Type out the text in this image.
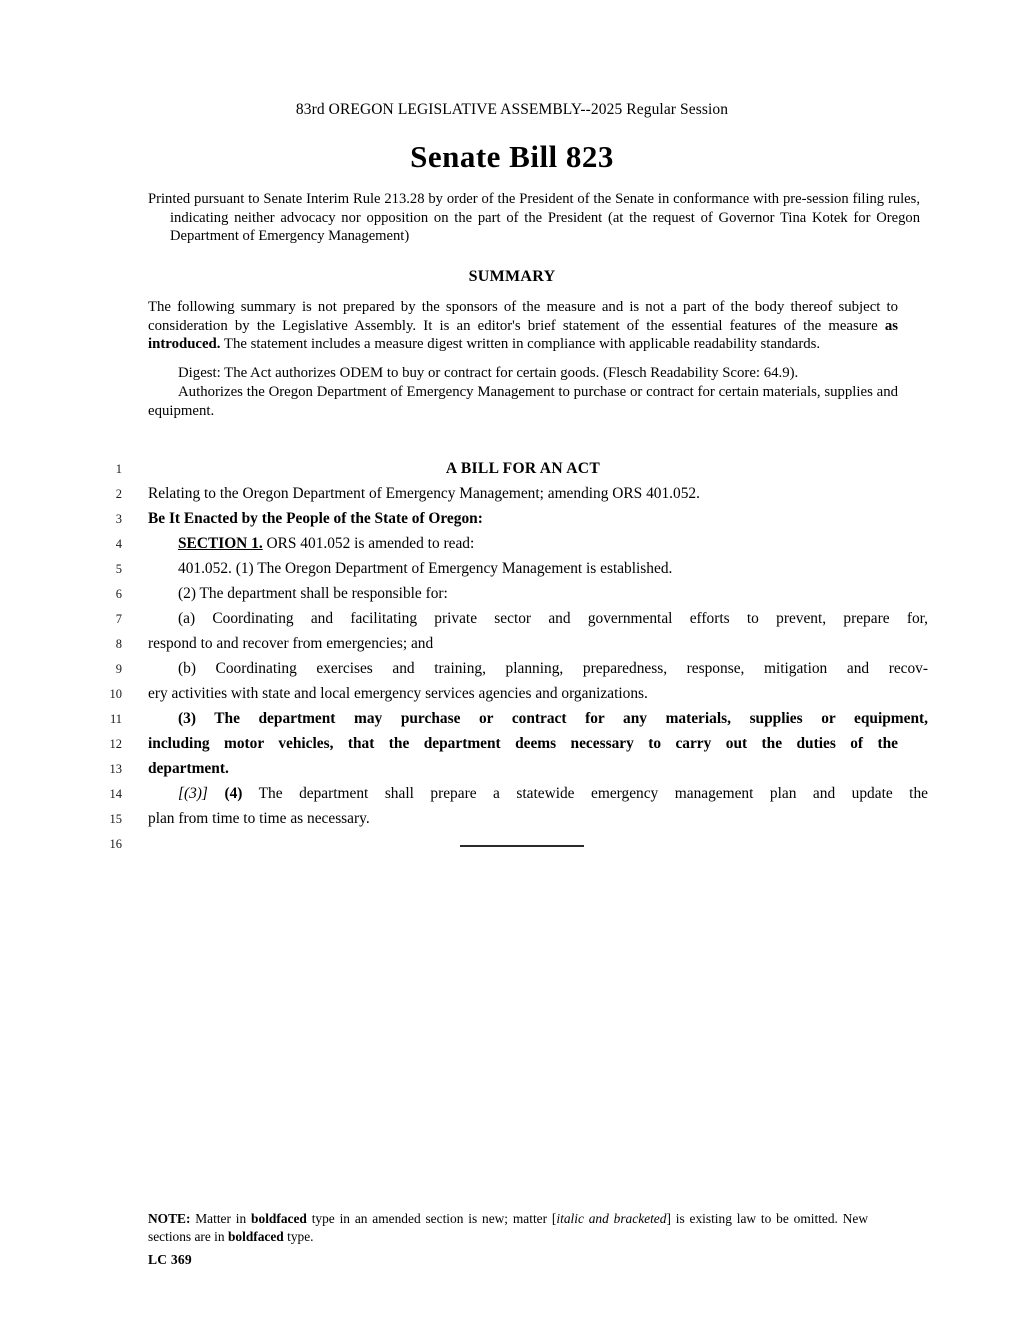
83rd OREGON LEGISLATIVE ASSEMBLY--2025 Regular Session
Senate Bill 823
Printed pursuant to Senate Interim Rule 213.28 by order of the President of the Senate in conformance with pre-session filing rules, indicating neither advocacy nor opposition on the part of the President (at the request of Governor Tina Kotek for Oregon Department of Emergency Management)
SUMMARY

The following summary is not prepared by the sponsors of the measure and is not a part of the body thereof subject to consideration by the Legislative Assembly. It is an editor's brief statement of the essential features of the measure as introduced. The statement includes a measure digest written in compliance with applicable readability standards.

Digest: The Act authorizes ODEM to buy or contract for certain goods. (Flesch Readability Score: 64.9).

Authorizes the Oregon Department of Emergency Management to purchase or contract for certain materials, supplies and equipment.

1	A BILL FOR AN ACT
2 Relating to the Oregon Department of Emergency Management; amending ORS 401.052.
3 Be It Enacted by the People of the State of Oregon:
4	SECTION 1. ORS 401.052 is amended to read:
5	401.052. (1) The Oregon Department of Emergency Management is established.
6	(2) The department shall be responsible for:
7	(a) Coordinating and facilitating private sector and governmental efforts to prevent, prepare for,
8 respond to and recover from emergencies; and
9	(b) Coordinating exercises and training, planning, preparedness, response, mitigation and recov-
10 ery activities with state and local emergency services agencies and organizations.
11	(3) The department may purchase or contract for any materials, supplies or equipment,
12 including motor vehicles, that the department deems necessary to carry out the duties of the
13 department.
14	[(3)] (4) The department shall prepare a statewide emergency management plan and update the
15 plan from time to time as necessary.
16

NOTE: Matter in boldfaced type in an amended section is new; matter [italic and bracketed] is existing law to be omitted. New sections are in boldfaced type.

LC 369
